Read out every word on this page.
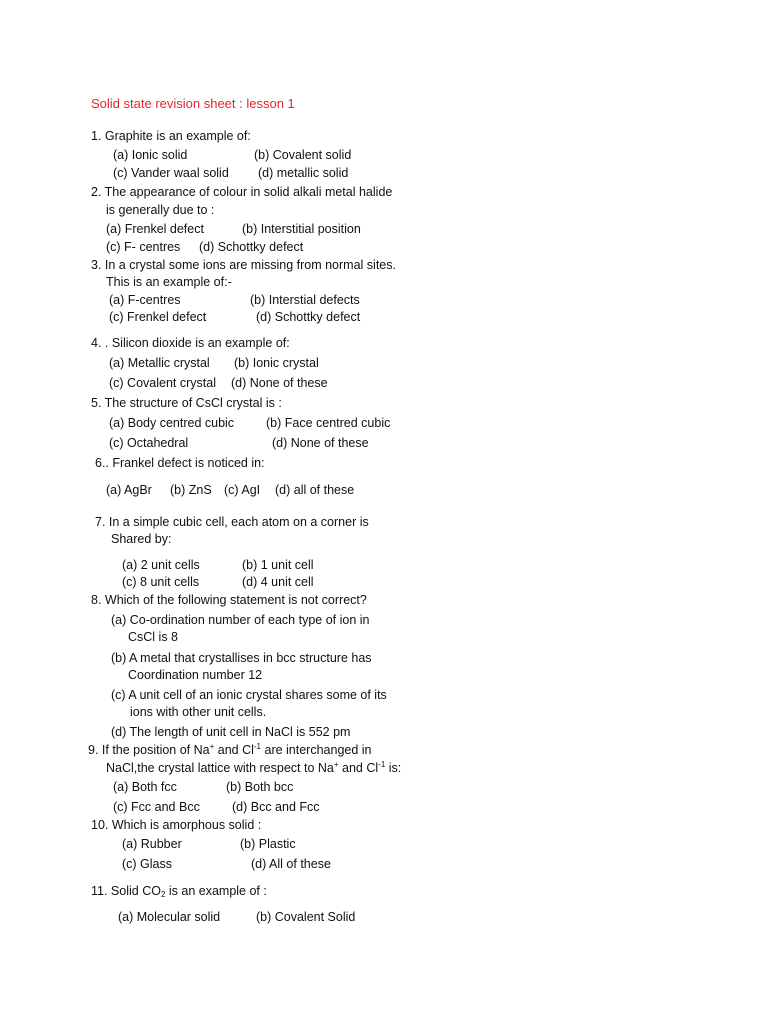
Solid state revision sheet : lesson 1
1. Graphite is an example of:
(a) Ionic solid	(b) Covalent solid
(c) Vander waal solid (d) metallic solid
2. The appearance of colour in solid alkali metal halide
is generally due to :
(a) Frenkel defect	(b) Interstitial position
(c) F- centres (d) Schottky defect
3. In a crystal some ions are missing from normal sites.
This is an example of:-
(a) F-centres	(b) Interstial defects
(c) Frenkel defect	(d) Schottky defect
4. . Silicon dioxide is an example of:
(a) Metallic crystal (b) Ionic crystal
(c) Covalent crystal (d) None of these
5. The structure of CsCl crystal is :
(a) Body centred cubic	(b) Face centred cubic
(c) Octahedral	(d) None of these
6.. Frankel defect is noticed in:
(a) AgBr (b) ZnS (c) AgI (d) all of these
7. In a simple cubic cell, each atom on a corner is
Shared by:
(a) 2 unit cells	(b) 1 unit cell
(c) 8 unit cells	(d) 4 unit cell
8. Which of the following statement is not correct?
(a) Co-ordination number of each type of ion in
CsCl is 8
(b) A metal that crystallises in bcc structure has
Coordination number 12
(c) A unit cell of an ionic crystal shares some of its
ions with other unit cells.
(d) The length of unit cell in NaCl is 552 pm
9. If the position of Na+ and $Cl^{-1}$ are interchanged in
NaCl,the crystal lattice with respect to Na+ and $Cl^{-1}$ is:
(a) Both fcc	(b) Both bcc
(c) Fcc and Bcc	(d) Bcc and Fcc
10. Which is amorphous solid :
(a) Rubber	(b) Plastic
(c) Glass	(d) All of these
11. Solid $CO_2$ is an example of :
(a) Molecular solid	(b) Covalent Solid
